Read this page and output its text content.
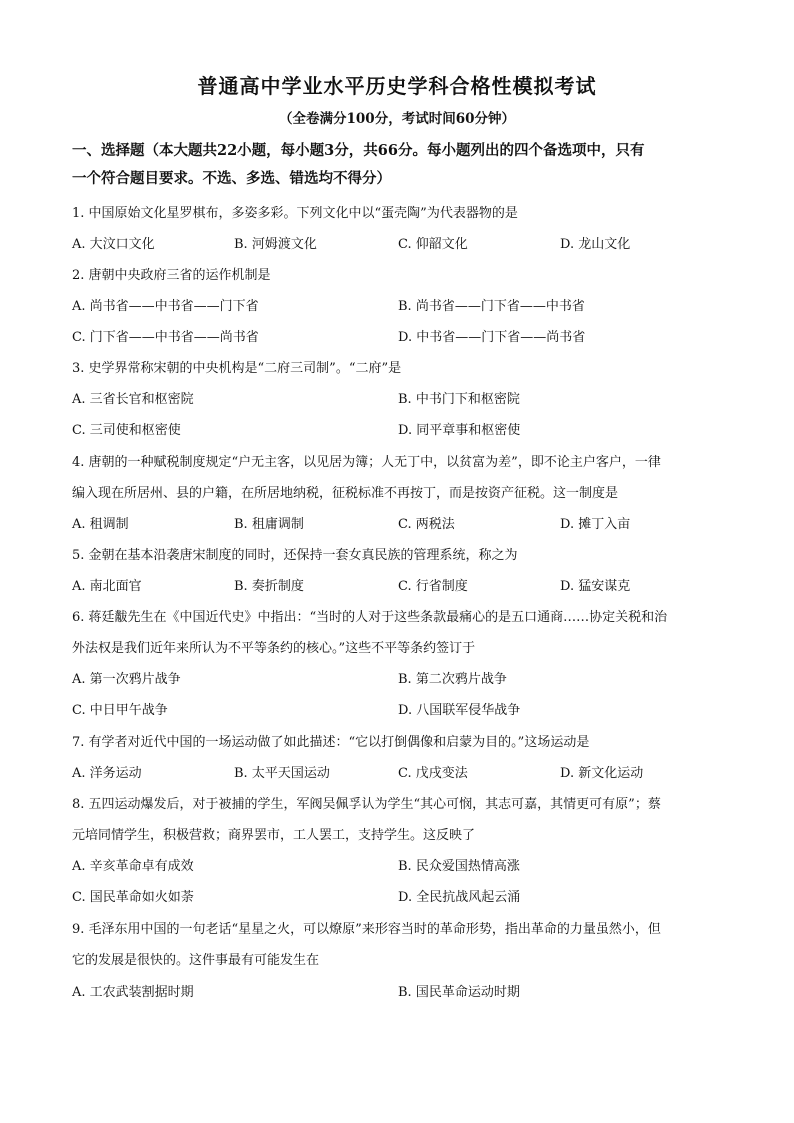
普通高中学业水平历史学科合格性模拟考试
（全卷满分100分，考试时间60分钟）
一、选择题（本大题共22小题，每小题3分，共66分。每小题列出的四个备选项中，只有
一个符合题目要求。不选、多选、错选均不得分）
1. 中国原始文化星罗棋布，多姿多彩。下列文化中以“蛋壳陶”为代表器物的是
A. 大汶口文化	B. 河姆渡文化	C. 仰韶文化	D. 龙山文化
2. 唐朝中央政府三省的运作机制是
A. 尚书省——中书省——门下省	B. 尚书省——门下省——中书省
C. 门下省——中书省——尚书省	D. 中书省——门下省——尚书省
3. 史学界常称宋朝的中央机构是“二府三司制”。“二府”是
A. 三省长官和枢密院	B. 中书门下和枢密院
C. 三司使和枢密使	D. 同平章事和枢密使
4. 唐朝的一种赋税制度规定“户无主客，以见居为簿；人无丁中，以贫富为差”，即不论主户客户，一律
编入现在所居州、县的户籍，在所居地纳税，征税标准不再按丁，而是按资产征税。这一制度是
A. 租调制	B. 租庸调制	C. 两税法	D. 摊丁入亩
5. 金朝在基本沿袭唐宋制度的同时，还保持一套女真民族的管理系统，称之为
A. 南北面官	B. 奏折制度	C. 行省制度	D. 猛安谋克
6. 蒋廷黻先生在《中国近代史》中指出：“当时的人对于这些条款最痛心的是五口通商……协定关税和治
外法权是我们近年来所认为不平等条约的核心。”这些不平等条约签订于
A. 第一次鸦片战争	B. 第二次鸦片战争
C. 中日甲午战争	D. 八国联军侵华战争
7. 有学者对近代中国的一场运动做了如此描述：“它以打倒偶像和启蒙为目的。”这场运动是
A. 洋务运动	B. 太平天国运动	C. 戊戌变法	D. 新文化运动
8. 五四运动爆发后，对于被捕的学生，军阀吴佩孚认为学生“其心可悯，其志可嘉，其情更可有原”；蔡
元培同情学生，积极营救；商界罢市，工人罢工，支持学生。这反映了
A. 辛亥革命卓有成效	B. 民众爱国热情高涨
C. 国民革命如火如荼	D. 全民抗战风起云涌
9. 毛泽东用中国的一句老话“星星之火，可以燎原”来形容当时的革命形势，指出革命的力量虽然小，但
它的发展是很快的。这件事最有可能发生在
A. 工农武装割据时期	B. 国民革命运动时期
